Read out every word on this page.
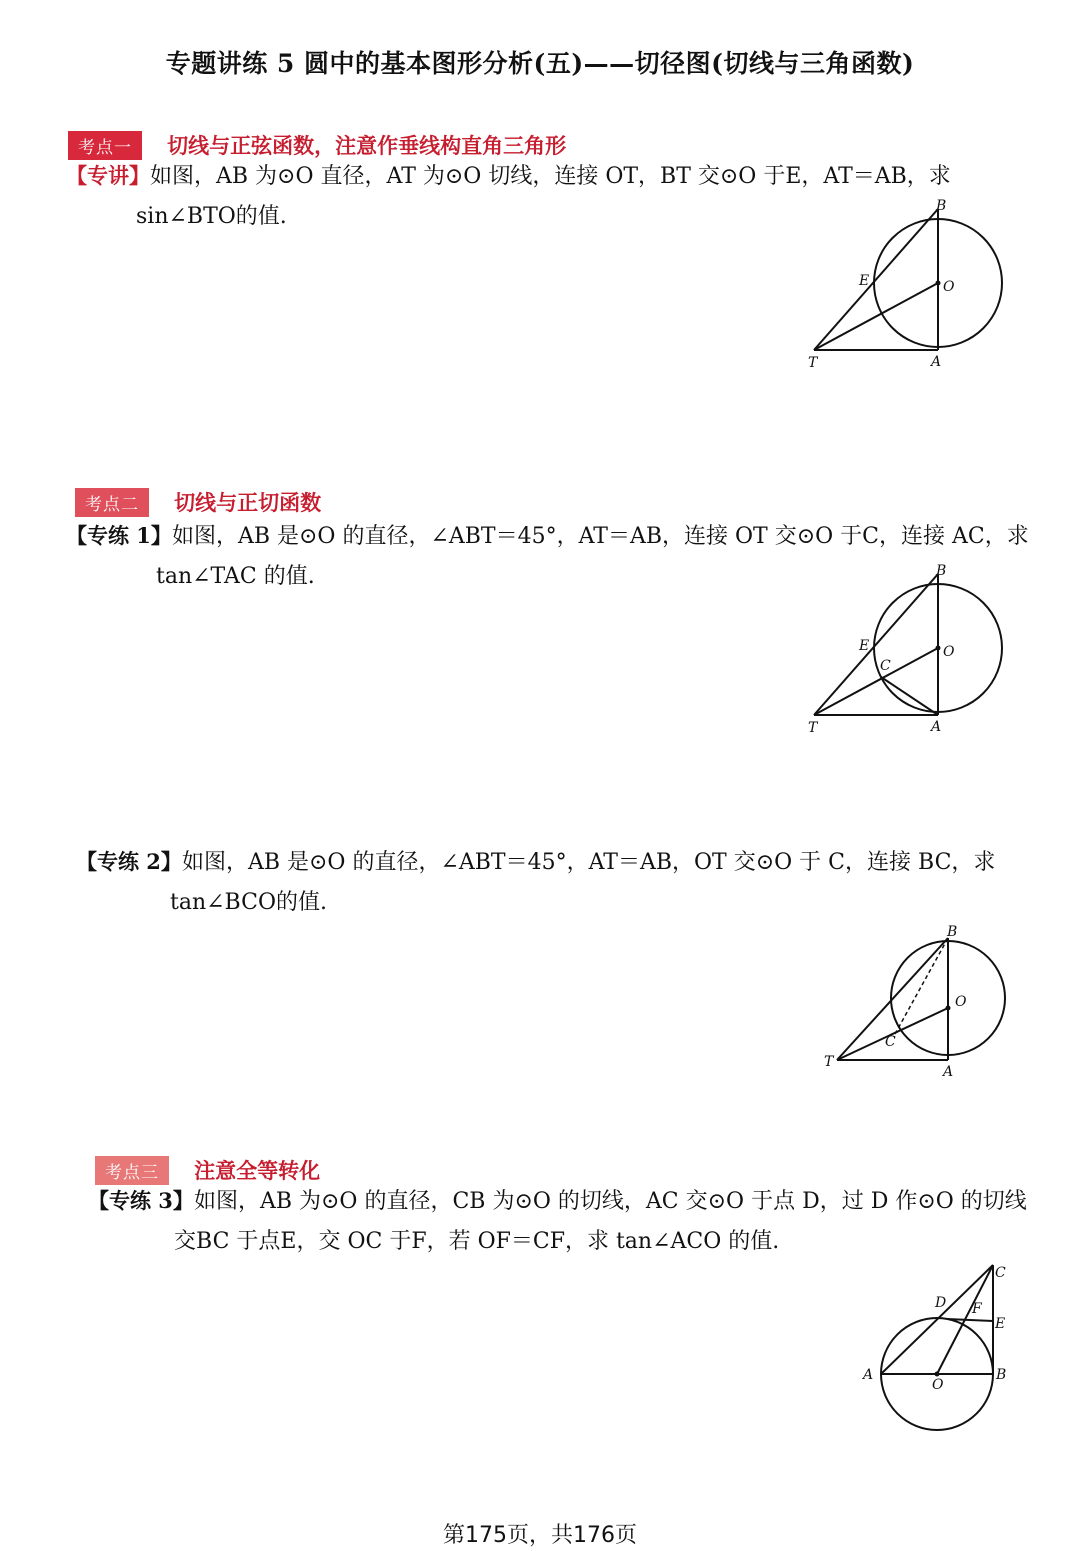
专题讲练 5 圆中的基本图形分析(五)——切径图(切线与三角函数)
考点一 切线与正弦函数，注意作垂线构直角三角形
【专讲】如图，AB 为⊙O 直径，AT 为⊙O 切线，连接 OT，BT 交⊙O 于E，AT＝AB，求
sin∠BTO的值.	B
E	O
T	A
考点二 切线与正切函数
【专练 1】如图，AB 是⊙O 的直径，∠ABT＝45°，AT＝AB，连接 OT 交⊙O 于C，连接 AC，求
tan∠TAC 的值.	B
E
C
O
T	A
【专练 2】如图，AB 是⊙O 的直径，∠ABT＝45°，AT＝AB，OT 交⊙O 于 C，连接 BC，求
tan∠BCO的值.
B
O
C
T
A
考点三 注意全等转化
【专练 3】如图，AB 为⊙O 的直径，CB 为⊙O 的切线，AC 交⊙O 于点 D，过 D 作⊙O 的切线
交BC 于点E，交 OC 于F，若 OF＝CF，求 tan∠ACO 的值.
C
D F
E
A
O
B
第175页，共176页
